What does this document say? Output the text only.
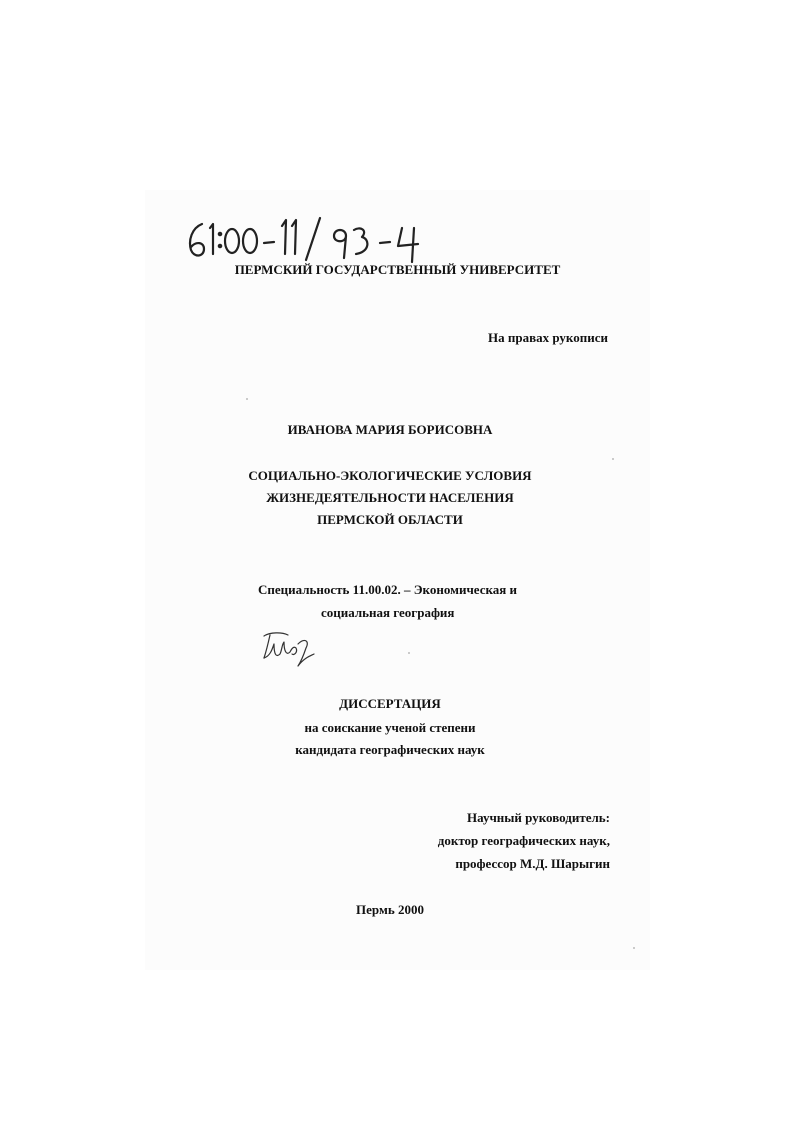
ПЕРМСКИЙ ГОСУДАРСТВЕННЫЙ УНИВЕРСИТЕТ
На правах рукописи
ИВАНОВА МАРИЯ БОРИСОВНА
СОЦИАЛЬНО-ЭКОЛОГИЧЕСКИЕ УСЛОВИЯ
ЖИЗНЕДЕЯТЕЛЬНОСТИ НАСЕЛЕНИЯ
ПЕРМСКОЙ ОБЛАСТИ
Специальность 11.00.02. – Экономическая и
социальная география
ДИССЕРТАЦИЯ
на соискание ученой степени
кандидата географических наук
Научный руководитель:
доктор географических наук,
профессор М.Д. Шарыгин
Пермь 2000
